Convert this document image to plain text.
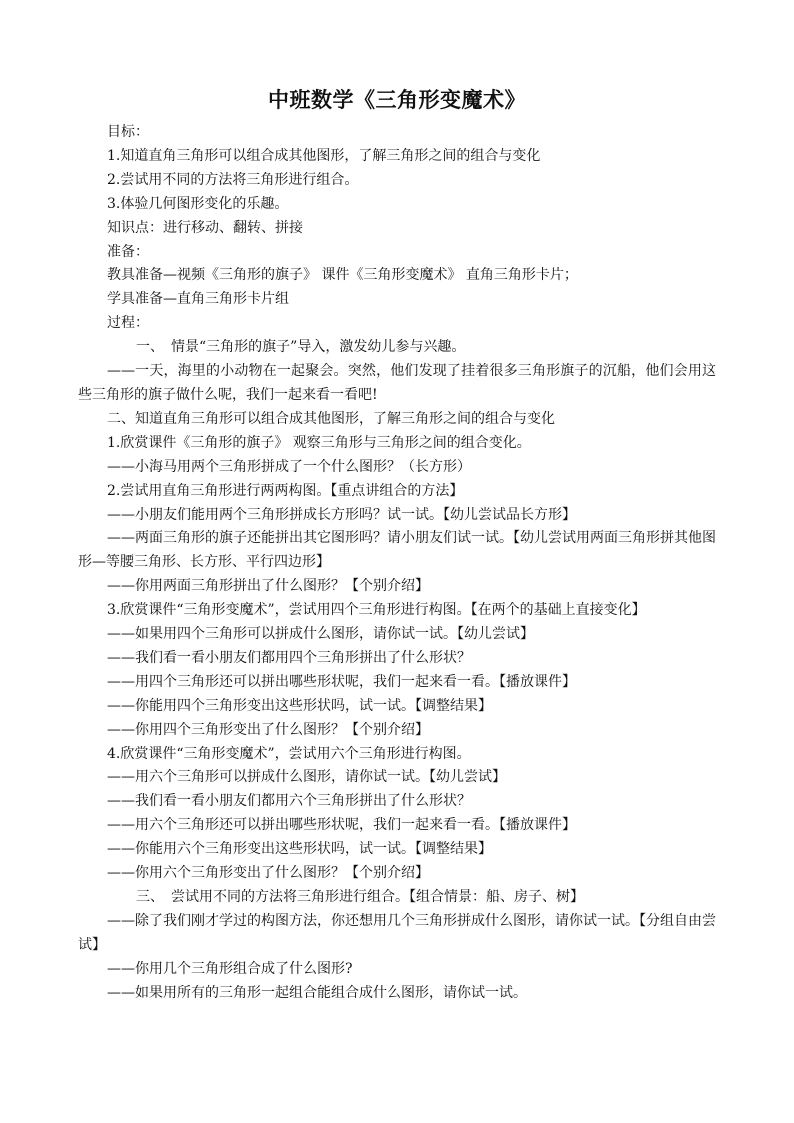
中班数学《三角形变魔术》

目标：

1.知道直角三角形可以组合成其他图形，了解三角形之间的组合与变化

2.尝试用不同的方法将三角形进行组合。

3.体验几何图形变化的乐趣。

知识点：进行移动、翻转、拼接

准备：

教具准备—视频《三角形的旗子》 课件《三角形变魔术》 直角三角形卡片；

学具准备—直角三角形卡片组

过程：

一、　情景“三角形的旗子”导入，激发幼儿参与兴趣。

——一天，海里的小动物在一起聚会。突然，他们发现了挂着很多三角形旗子的沉船，他们会用这些三角形的旗子做什么呢，我们一起来看一看吧!

二、知道直角三角形可以组合成其他图形，了解三角形之间的组合与变化

1.欣赏课件《三角形的旗子》 观察三角形与三角形之间的组合变化。

——小海马用两个三角形拼成了一个什么图形？（长方形）

2.尝试用直角三角形进行两两构图。【重点讲组合的方法】

——小朋友们能用两个三角形拼成长方形吗？试一试。【幼儿尝试品长方形】

——两面三角形的旗子还能拼出其它图形吗？请小朋友们试一试。【幼儿尝试用两面三角形拼其他图形—等腰三角形、长方形、平行四边形】

——你用两面三角形拼出了什么图形？【个别介绍】

3.欣赏课件“三角形变魔术”，尝试用四个三角形进行构图。【在两个的基础上直接变化】

——如果用四个三角形可以拼成什么图形，请你试一试。【幼儿尝试】

——我们看一看小朋友们都用四个三角形拼出了什么形状？

——用四个三角形还可以拼出哪些形状呢，我们一起来看一看。【播放课件】

——你能用四个三角形变出这些形状吗，试一试。【调整结果】

——你用四个三角形变出了什么图形？【个别介绍】

4.欣赏课件“三角形变魔术”，尝试用六个三角形进行构图。

——用六个三角形可以拼成什么图形，请你试一试。【幼儿尝试】

——我们看一看小朋友们都用六个三角形拼出了什么形状？

——用六个三角形还可以拼出哪些形状呢，我们一起来看一看。【播放课件】

——你能用六个三角形变出这些形状吗，试一试。【调整结果】

——你用六个三角形变出了什么图形？【个别介绍】

三、　尝试用不同的方法将三角形进行组合。【组合情景：船、房子、树】

——除了我们刚才学过的构图方法，你还想用几个三角形拼成什么图形，请你试一试。【分组自由尝试】

——你用几个三角形组合成了什么图形?

——如果用所有的三角形一起组合能组合成什么图形，请你试一试。
